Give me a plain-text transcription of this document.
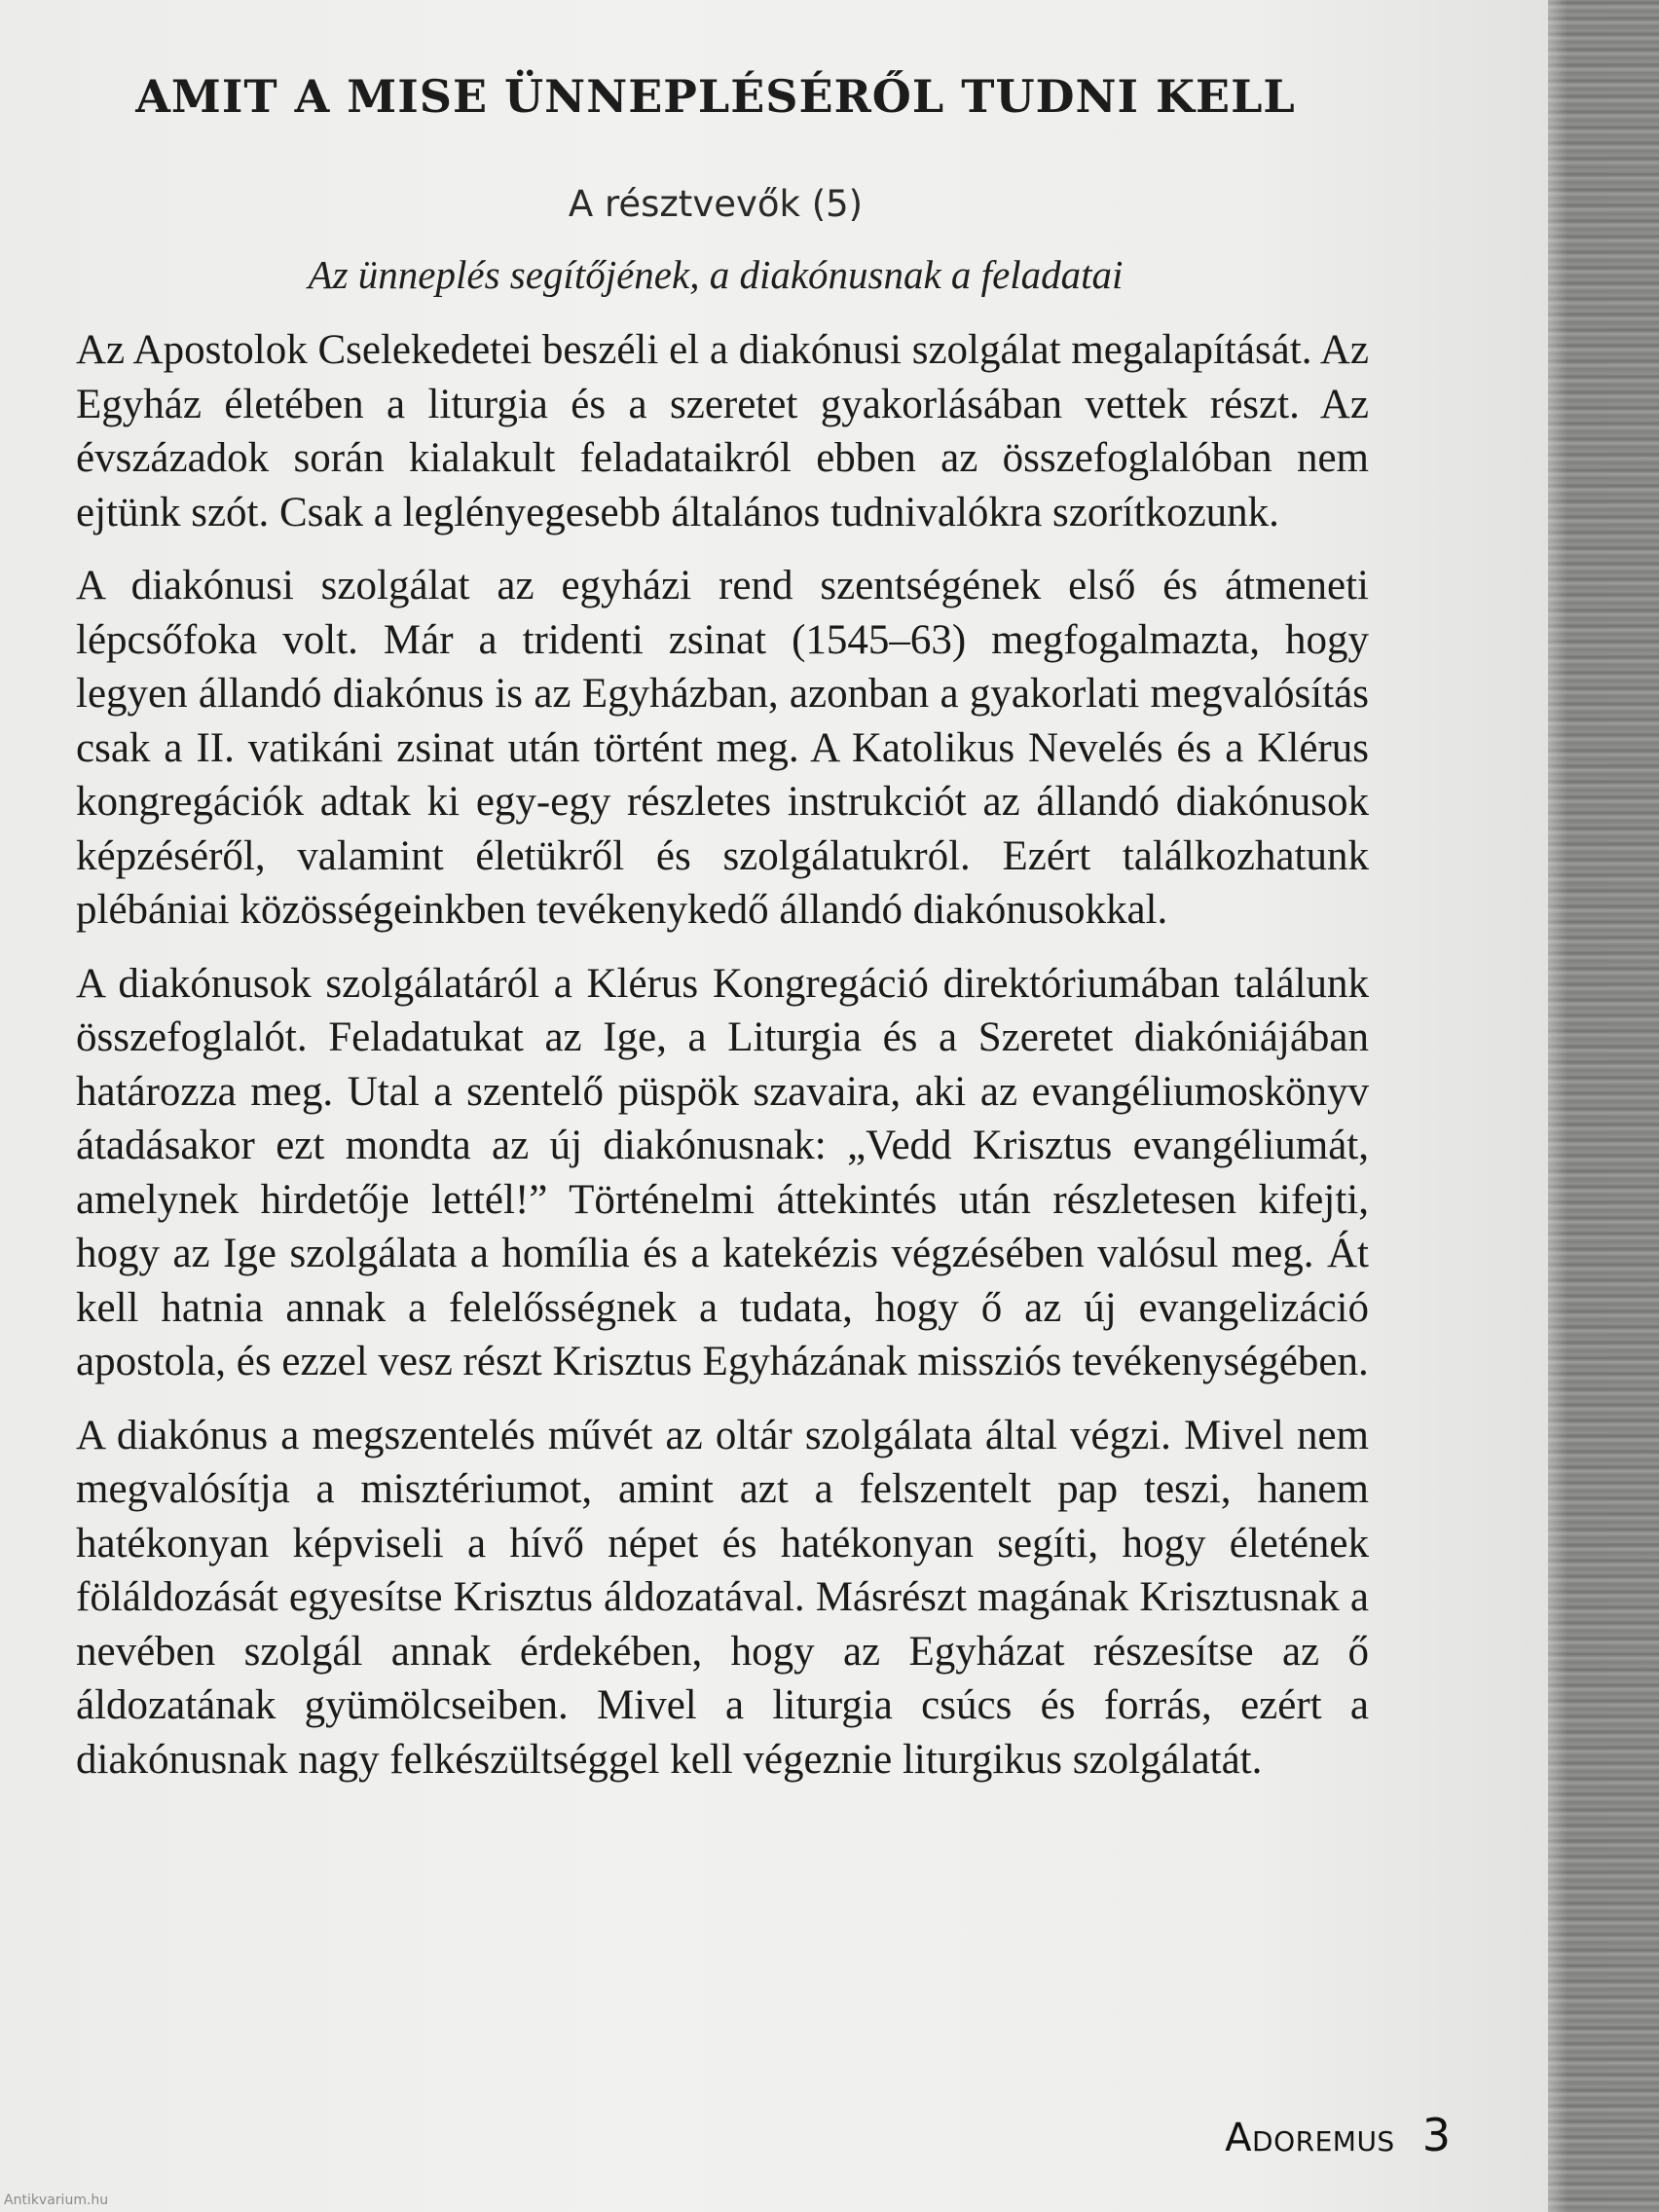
AMIT A MISE ÜNNEPLÉSÉRŐL TUDNI KELL
A résztvevők (5)
Az ünneplés segítőjének, a diakónusnak a feladatai

Az Apostolok Cselekedetei beszéli el a diakónusi szolgálat megalapítását. Az Egyház életében a liturgia és a szeretet gyakorlásában vettek részt. Az évszázadok során kialakult feladataikról ebben az összefoglalóban nem ejtünk szót. Csak a leglényegesebb általános tudnivalókra szorítkozunk.

A diakónusi szolgálat az egyházi rend szentségének első és átmeneti lépcsőfoka volt. Már a tridenti zsinat (1545–63) megfogalmazta, hogy legyen állandó diakónus is az Egyházban, azonban a gyakorlati megvalósítás csak a II. vatikáni zsinat után történt meg. A Katolikus Nevelés és a Klérus kongregációk adtak ki egy-egy részletes instrukciót az állandó diakónusok képzéséről, valamint életükről és szolgálatukról. Ezért találkozhatunk plébániai közösségeinkben tevékenykedő állandó diakónusokkal.

A diakónusok szolgálatáról a Klérus Kongregáció direktóriumában találunk összefoglalót. Feladatukat az Ige, a Liturgia és a Szeretet diakóniájában határozza meg. Utal a szentelő püspök szavaira, aki az evangéliumoskönyv átadásakor ezt mondta az új diakónusnak: „Vedd Krisztus evangéliumát, amelynek hirdetője lettél!” Történelmi áttekintés után részletesen kifejti, hogy az Ige szolgálata a homília és a katekézis végzésében valósul meg. Át kell hatnia annak a felelősségnek a tudata, hogy ő az új evangelizáció apostola, és ezzel vesz részt Krisztus Egyházának missziós tevékenységében.

A diakónus a megszentelés művét az oltár szolgálata által végzi. Mivel nem megvalósítja a misztériumot, amint azt a felszentelt pap teszi, hanem hatékonyan képviseli a hívő népet és hatékonyan segíti, hogy életének föláldozását egyesítse Krisztus áldozatával. Másrészt magának Krisztusnak a nevében szolgál annak érdekében, hogy az Egyházat részesítse az ő áldozatának gyümölcseiben. Mivel a liturgia csúcs és forrás, ezért a diakónusnak nagy felkészültséggel kell végeznie liturgikus szolgálatát.

Adoremus 3
Antikvarium.hu
